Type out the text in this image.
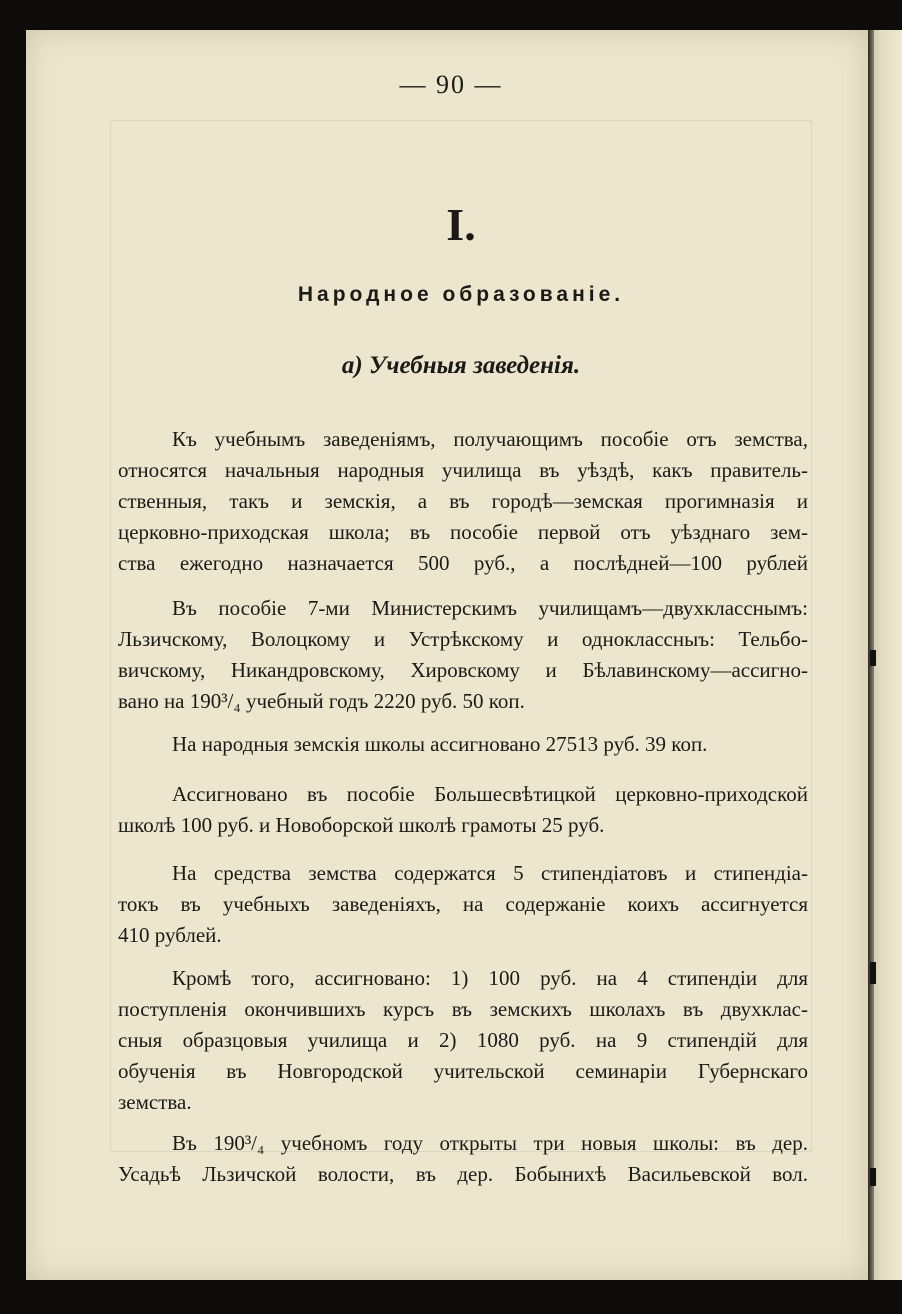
— 90 —
I.
Народное образованіе.
а) Учебныя заведенія.
Къ учебнымъ заведеніямъ, получающимъ пособіе отъ земства,
относятся начальныя народныя училища въ уѣздѣ, какъ правитель-
ственныя, такъ и земскія, а въ городѣ—земская прогимназія и
церковно-приходская школа; въ пособіе первой отъ уѣзднаго зем-
ства ежегодно назначается 500 руб., а послѣдней—100 рублей
Въ пособіе 7-ми Министерскимъ училищамъ—двухкласснымъ:
Льзичскому, Волоцкому и Устрѣкскому и одноклассныъ: Тельбо-
вичскому, Никандровскому, Хировскому и Бѣлавинскому—ассигно-
вано на 190³/₄ учебный годъ 2220 руб. 50 коп.
На народныя земскія школы ассигновано 27513 руб. 39 коп.
Ассигновано въ пособіе Большесвѣтицкой церковно-приходской
школѣ 100 руб. и Новоборской школѣ грамоты 25 руб.
На средства земства содержатся 5 стипендіатовъ и стипендіа-
токъ въ учебныхъ заведеніяхъ, на содержаніе коихъ ассигнуется
410 рублей.
Кромѣ того, ассигновано: 1) 100 руб. на 4 стипендіи для
поступленія окончившихъ курсъ въ земскихъ школахъ въ двухклас-
сныя образцовыя училища и 2) 1080 руб. на 9 стипендій для
обученія въ Новгородской учительской семинаріи Губернскаго
земства.
Въ 190³/₄ учебномъ году открыты три новыя школы: въ дер.
Усадьѣ Льзичской волости, въ дер. Бобынихѣ Васильевской вол.
